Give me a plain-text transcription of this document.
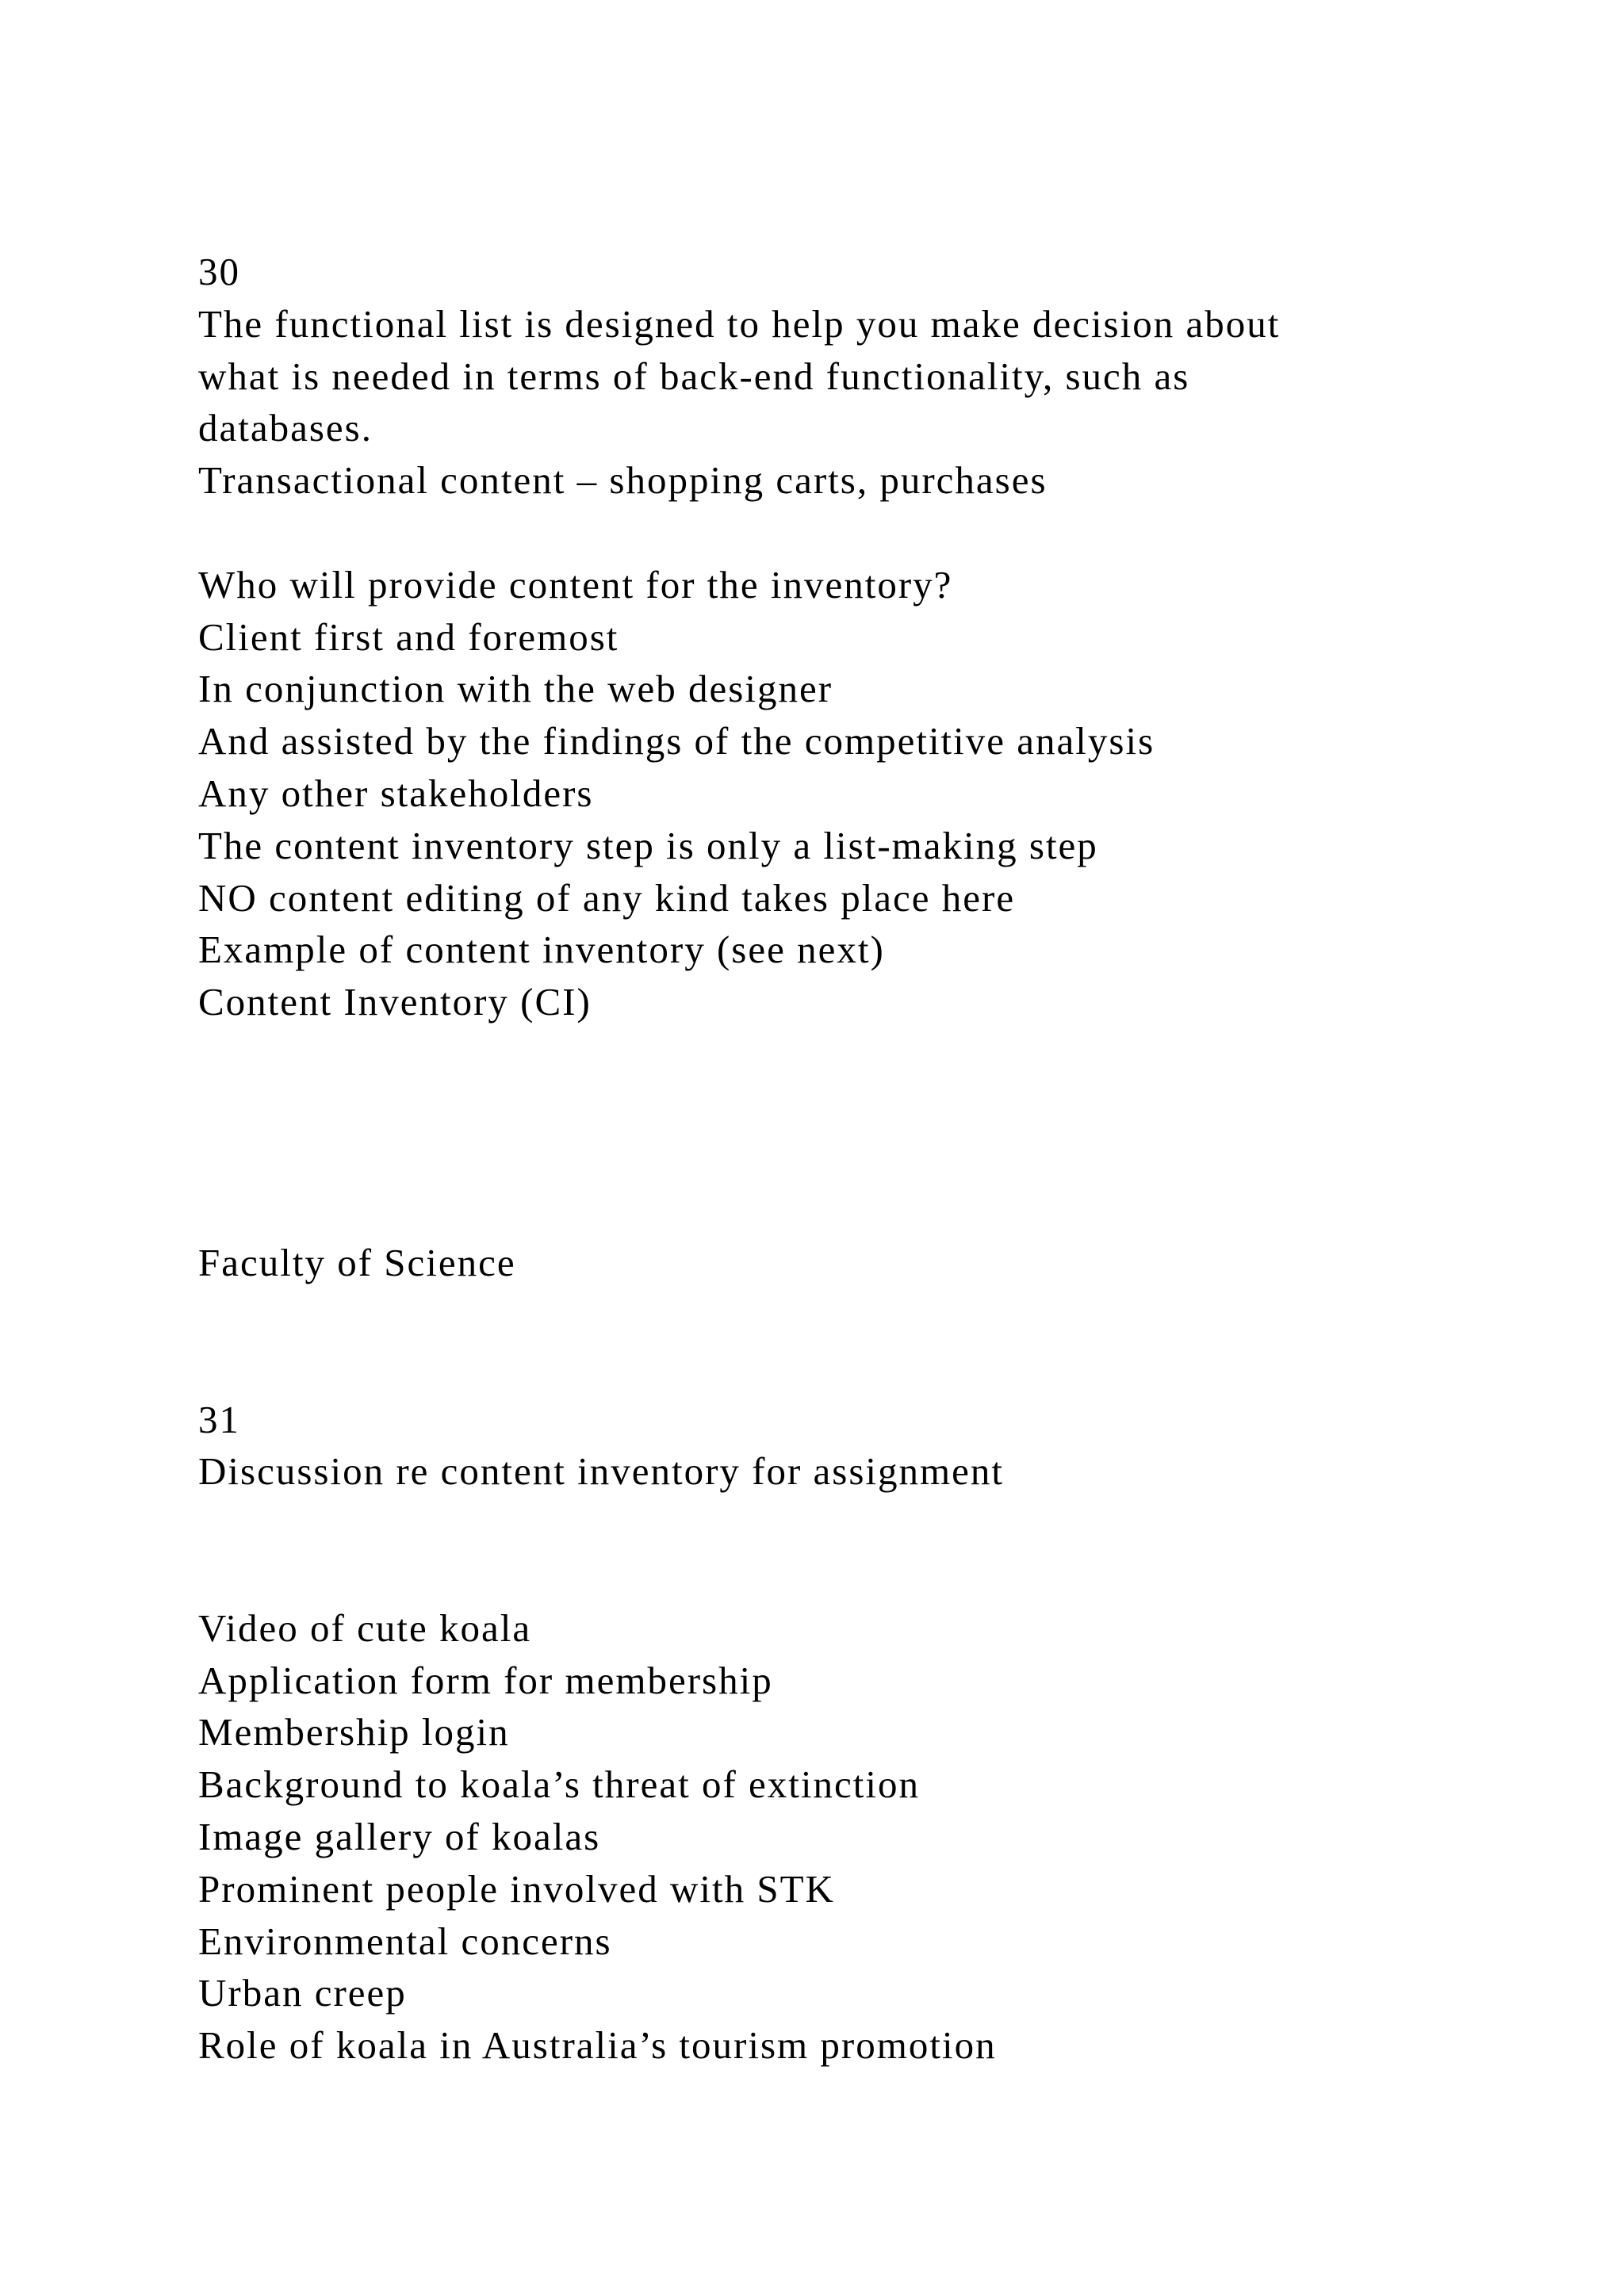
30
The functional list is designed to help you make decision about
what is needed in terms of back-end functionality, such as
databases.
Transactional content – shopping carts, purchases
Who will provide content for the inventory?
Client first and foremost
In conjunction with the web designer
And assisted by the findings of the competitive analysis
Any other stakeholders
The content inventory step is only a list-making step
NO content editing of any kind takes place here
Example of content inventory (see next)
Content Inventory (CI)
Faculty of Science
31
Discussion re content inventory for assignment
Video of cute koala
Application form for membership
Membership login
Background to koala’s threat of extinction
Image gallery of koalas
Prominent people involved with STK
Environmental concerns
Urban creep
Role of koala in Australia’s tourism promotion
